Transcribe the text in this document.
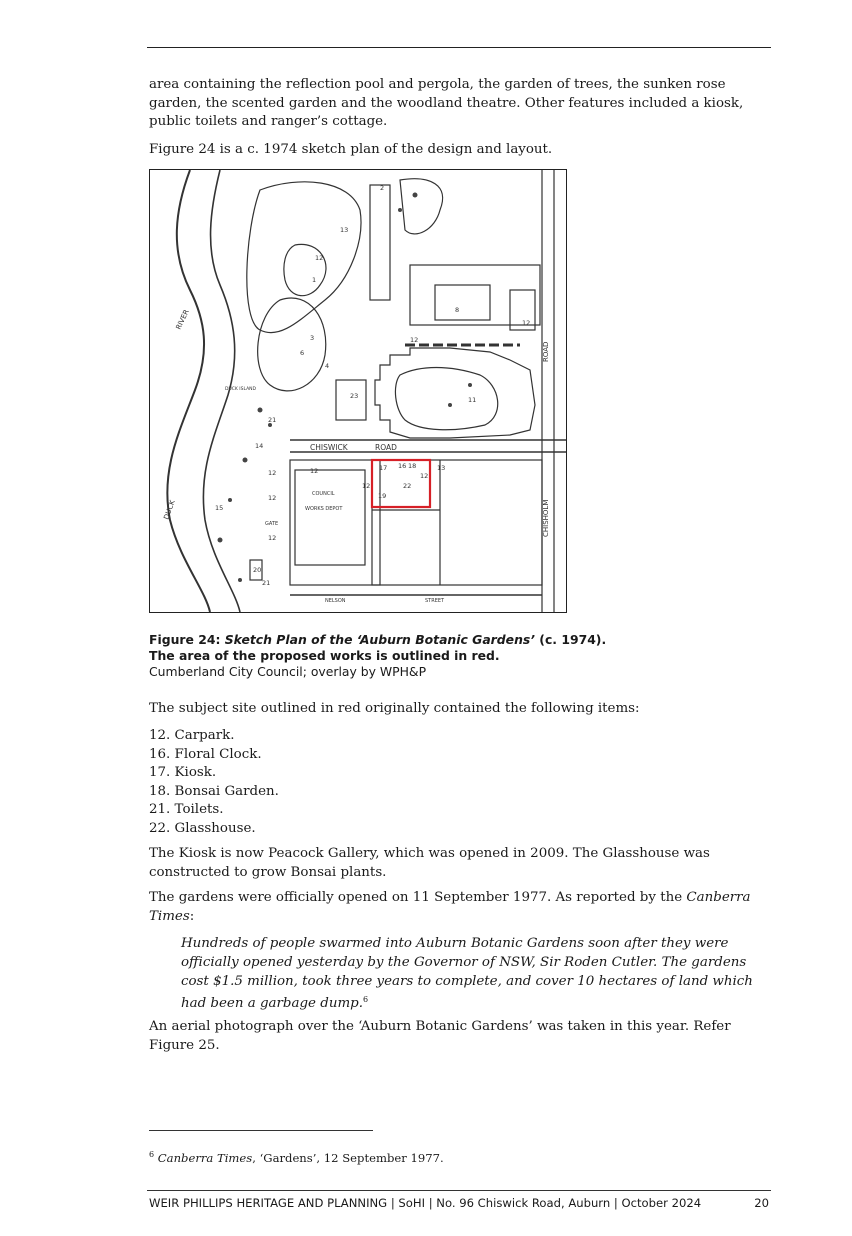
area containing the reflection pool and pergola, the garden of trees, the sunken rose garden, the scented garden and the woodland theatre. Other features included a kiosk, public toilets and ranger’s cottage.

Figure 24 is a c. 1974 sketch plan of the design and layout.

CHISWICK	ROAD
ROAD
CHISHOLM
RIVER
DUCK
COUNCIL
WORKS DEPOT
GATE
NELSON	STREET
DUCK ISLAND
13
12
3
8
12
23	11
14
21
12
12
17 16 18
19
22
12
13
12
12
1
6
4
12
12
15
20
21
2
Figure 24: Sketch Plan of the ‘Auburn Botanic Gardens’ (c. 1974).
The area of the proposed works is outlined in red.
Cumberland City Council; overlay by WPH&P

The subject site outlined in red originally contained the following items:

12. Carpark.
16. Floral Clock.
17. Kiosk.
18. Bonsai Garden.
21. Toilets.
22. Glasshouse.

The Kiosk is now Peacock Gallery, which was opened in 2009. The Glasshouse was constructed to grow Bonsai plants.

The gardens were officially opened on 11 September 1977. As reported by the Canberra Times:

Hundreds of people swarmed into Auburn Botanic Gardens soon after they were officially opened yesterday by the Governor of NSW, Sir Roden Cutler. The gardens cost $1.5 million, took three years to complete, and cover 10 hectares of land which had been a garbage dump.$^6$

An aerial photograph over the ‘Auburn Botanic Gardens’ was taken in this year. Refer Figure 25.

$^6$ Canberra Times, ‘Gardens’, 12 September 1977.
WEIR PHILLIPS HERITAGE AND PLANNING | SoHI | No. 96 Chiswick Road, Auburn | October 2024	20
